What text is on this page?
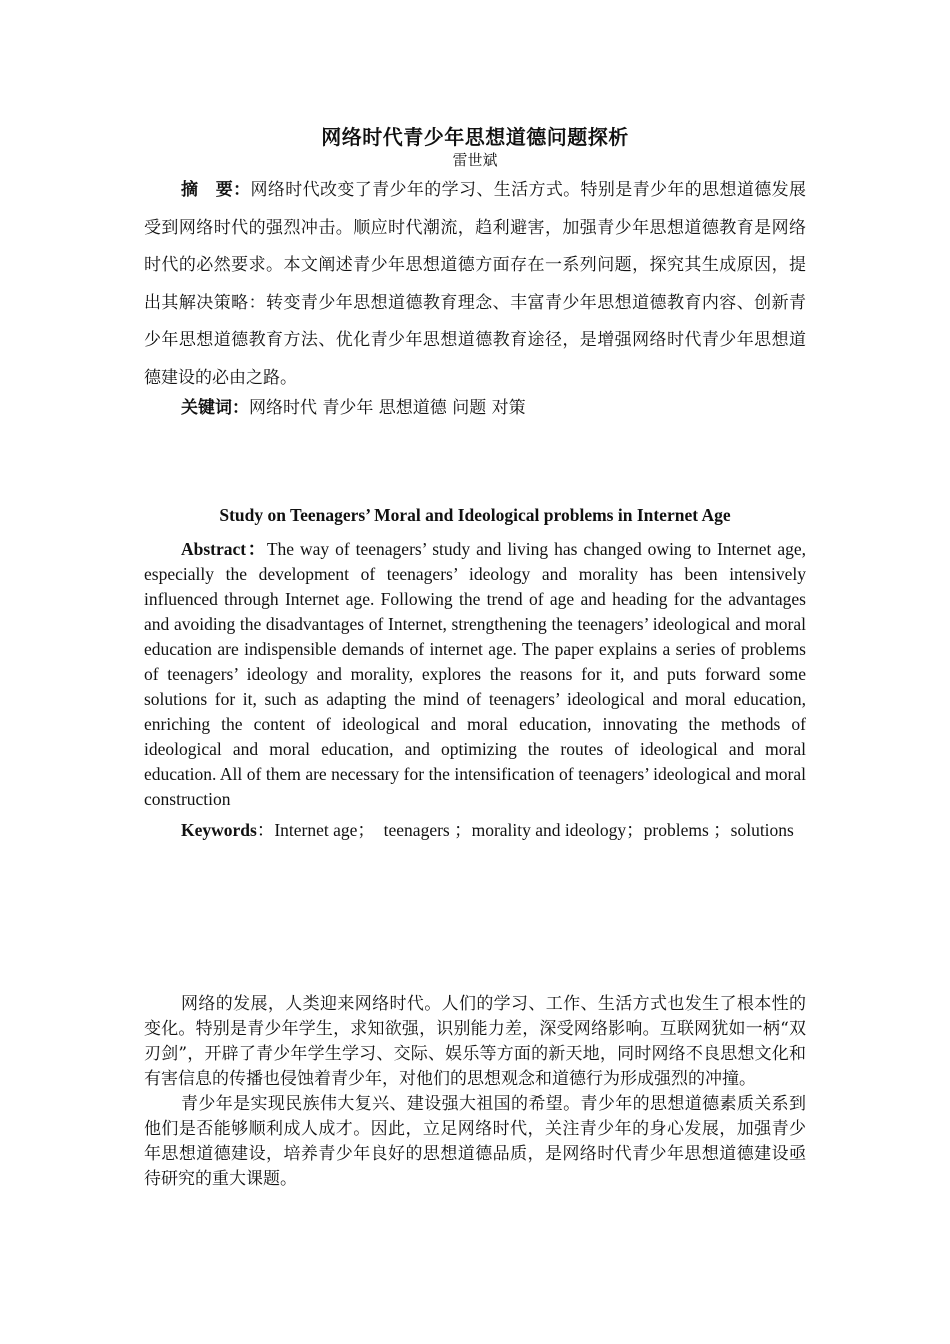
网络时代青少年思想道德问题探析
雷世斌

摘　要：网络时代改变了青少年的学习、生活方式。特别是青少年的思想道德发展受到网络时代的强烈冲击。顺应时代潮流，趋利避害，加强青少年思想道德教育是网络时代的必然要求。本文阐述青少年思想道德方面存在一系列问题，探究其生成原因，提出其解决策略：转变青少年思想道德教育理念、丰富青少年思想道德教育内容、创新青少年思想道德教育方法、优化青少年思想道德教育途径，是增强网络时代青少年思想道德建设的必由之路。

关键词：网络时代 青少年 思想道德 问题 对策

Study on Teenagers’ Moral and Ideological problems in Internet Age

Abstract：The way of teenagers’ study and living has changed owing to Internet age, especially the development of teenagers’ ideology and morality has been intensively influenced through Internet age. Following the trend of age and heading for the advantages and avoiding the disadvantages of Internet, strengthening the teenagers’ ideological and moral education are indispensible demands of internet age. The paper explains a series of problems of teenagers’ ideology and morality, explores the reasons for it, and puts forward some solutions for it, such as adapting the mind of teenagers’ ideological and moral education, enriching the content of ideological and moral education, innovating the methods of ideological and moral education, and optimizing the routes of ideological and moral education. All of them are necessary for the intensification of teenagers’ ideological and moral construction

Keywords：Internet age；　teenagers ；morality and ideology；problems ；solutions

网络的发展，人类迎来网络时代。人们的学习、工作、生活方式也发生了根本性的变化。特别是青少年学生，求知欲强，识别能力差，深受网络影响。互联网犹如一柄“双刃剑”，开辟了青少年学生学习、交际、娱乐等方面的新天地，同时网络不良思想文化和有害信息的传播也侵蚀着青少年，对他们的思想观念和道德行为形成强烈的冲撞。

青少年是实现民族伟大复兴、建设强大祖国的希望。青少年的思想道德素质关系到他们是否能够顺利成人成才。因此，立足网络时代，关注青少年的身心发展，加强青少年思想道德建设，培养青少年良好的思想道德品质，是网络时代青少年思想道德建设亟待研究的重大课题。
